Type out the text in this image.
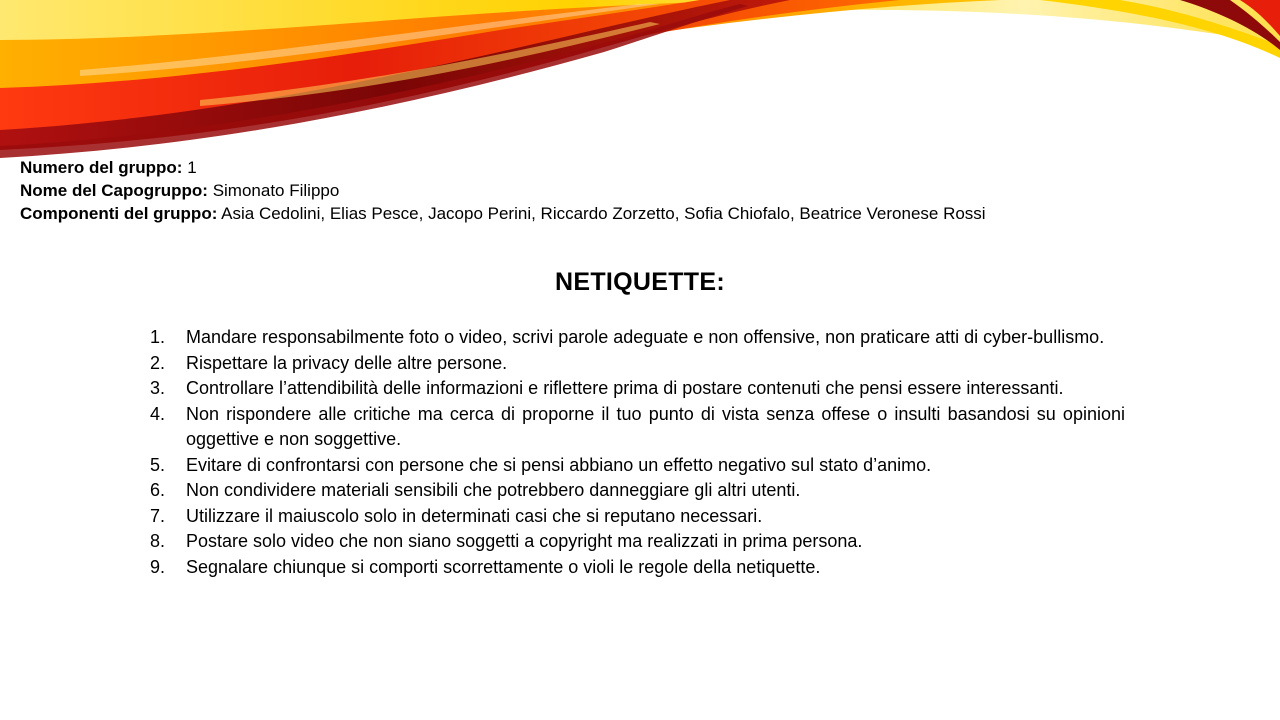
Numero del gruppo: 1
Nome del Capogruppo: Simonato Filippo
Componenti del gruppo: Asia Cedolini, Elias Pesce, Jacopo Perini, Riccardo Zorzetto, Sofia Chiofalo, Beatrice Veronese Rossi
NETIQUETTE:
1. Mandare responsabilmente foto o video, scrivi parole adeguate e non offensive, non praticare atti di cyber-bullismo.
2. Rispettare la privacy delle altre persone.
3. Controllare l’attendibilità delle informazioni e riflettere prima di postare contenuti che pensi essere interessanti.
4. Non rispondere alle critiche ma cerca di proporne il tuo punto di vista senza offese o insulti basandosi su opinioni oggettive e non soggettive.
5. Evitare di confrontarsi con persone che si pensi abbiano un effetto negativo sul stato d’animo.
6. Non condividere materiali sensibili che potrebbero danneggiare gli altri utenti.
7. Utilizzare il maiuscolo solo in determinati casi che si reputano necessari.
8. Postare solo video che non siano soggetti a copyright ma realizzati in prima persona.
9. Segnalare chiunque si comporti scorrettamente o violi le regole della netiquette.
